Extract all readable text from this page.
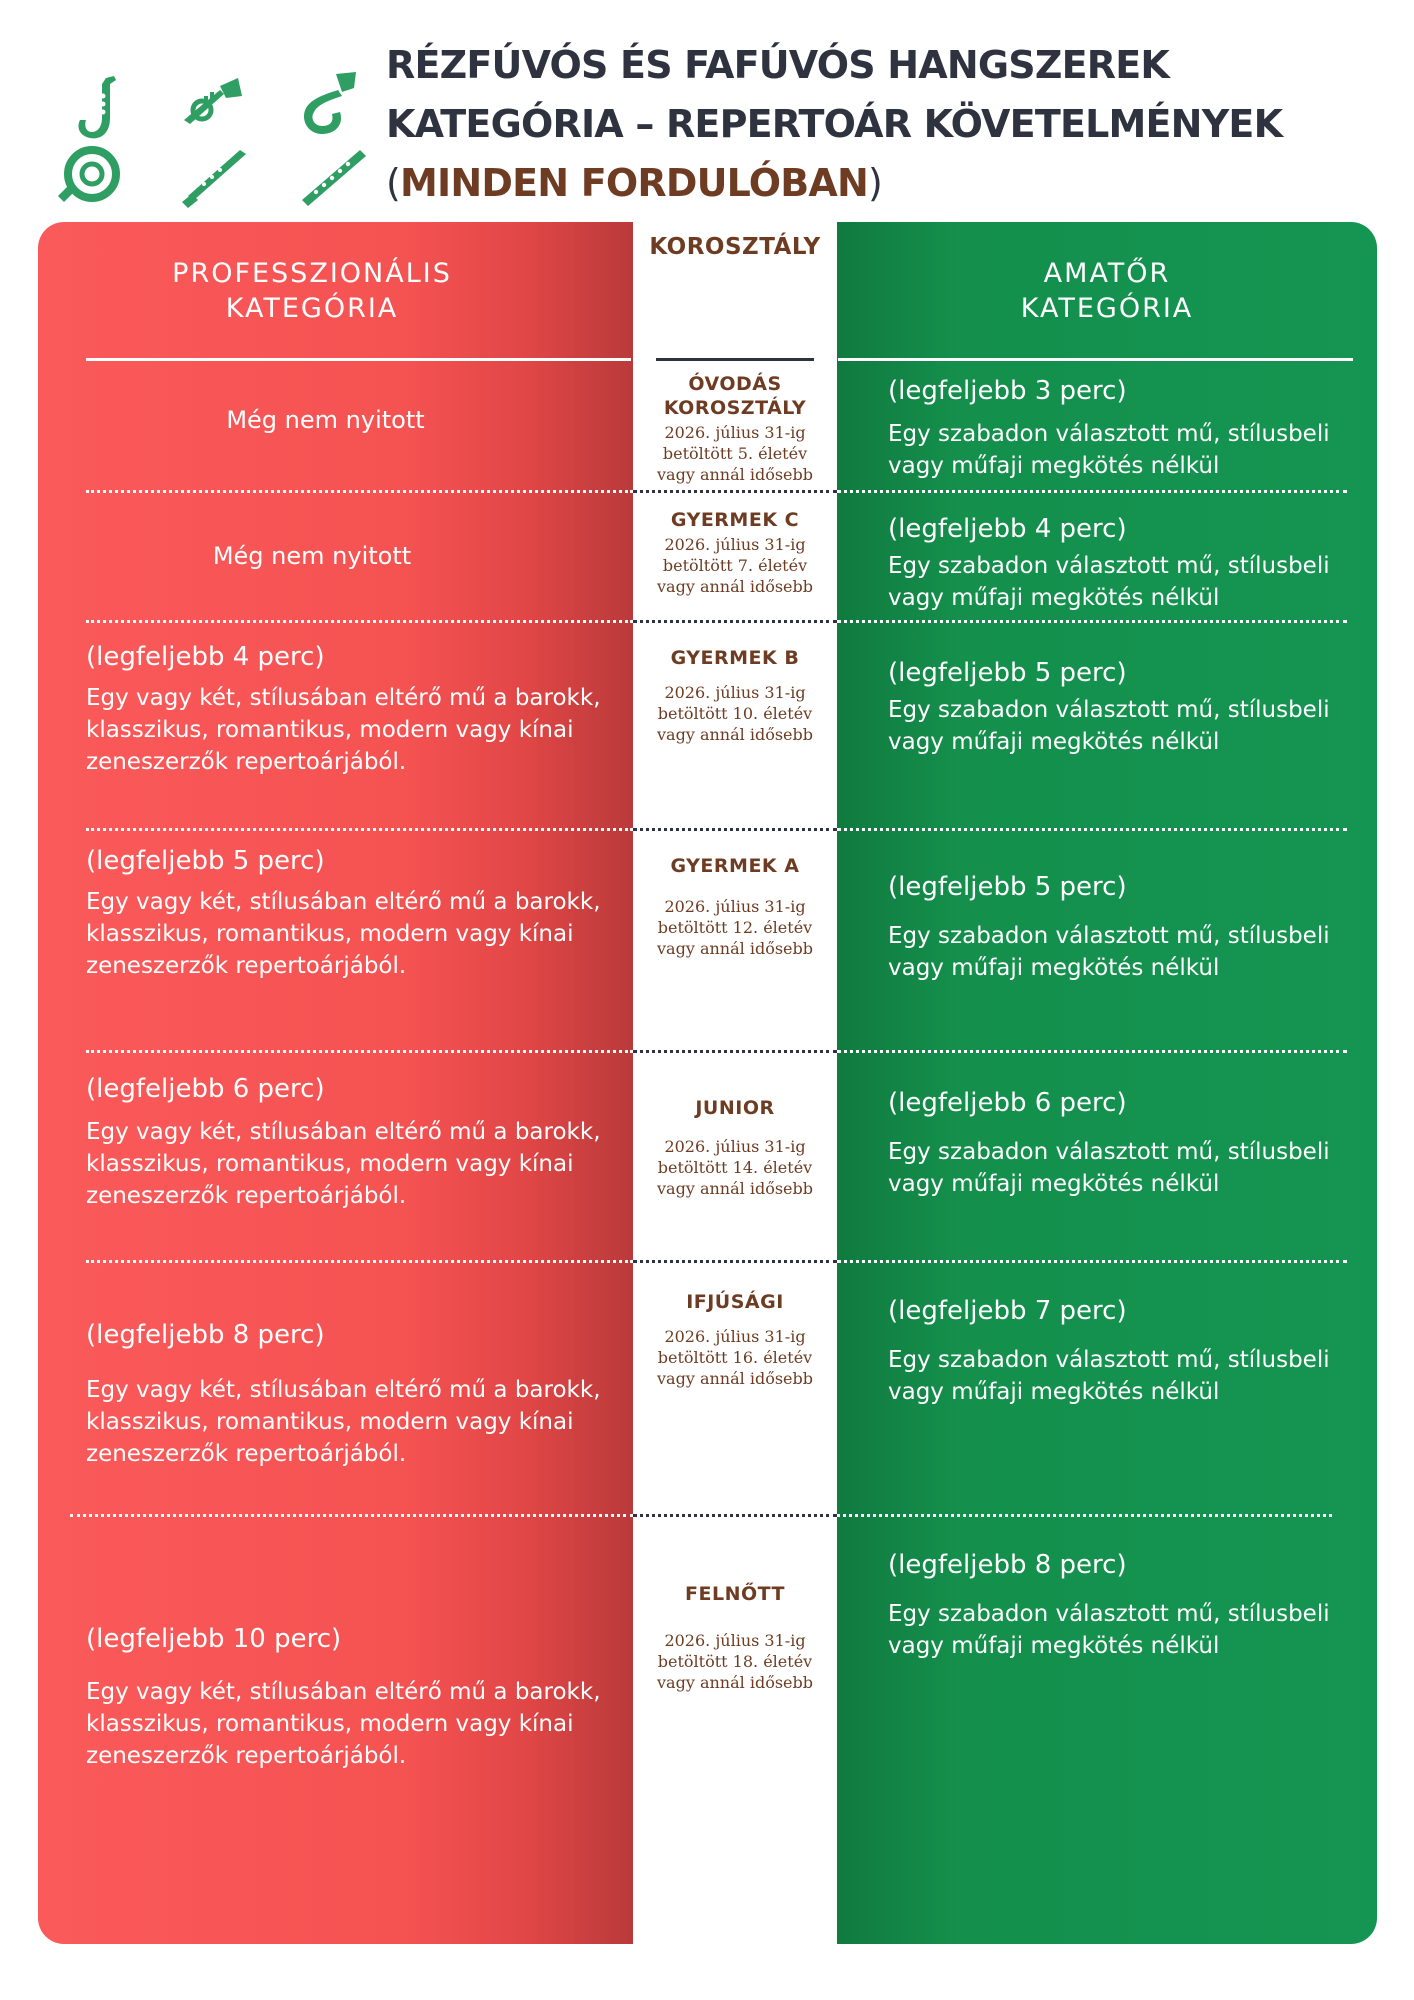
RÉZFÚVÓS ÉS FAFÚVÓS HANGSZEREK
KATEGÓRIA – REPERTOÁR KÖVETELMÉNYEK
(MINDEN FORDULÓBAN)
PROFESSZIONÁLIS
KATEGÓRIA
KOROSZTÁLY
AMATŐR
KATEGÓRIA
Még nem nyitott
ÓVODÁS
KOROSZTÁLY
2026. július 31-ig
betöltött 5. életév
vagy annál idősebb
(legfeljebb 3 perc)
Egy szabadon választott mű, stílusbeli
vagy műfaji megkötés nélkül
Még nem nyitott
GYERMEK C
2026. július 31-ig
betöltött 7. életév
vagy annál idősebb
(legfeljebb 4 perc)
Egy szabadon választott mű, stílusbeli
vagy műfaji megkötés nélkül
(legfeljebb 4 perc)
Egy vagy két, stílusában eltérő mű a barokk,
klasszikus, romantikus, modern vagy kínai
zeneszerzők repertoárjából.
GYERMEK B
2026. július 31-ig
betöltött 10. életév
vagy annál idősebb
(legfeljebb 5 perc)
Egy szabadon választott mű, stílusbeli
vagy műfaji megkötés nélkül
(legfeljebb 5 perc)
Egy vagy két, stílusában eltérő mű a barokk,
klasszikus, romantikus, modern vagy kínai
zeneszerzők repertoárjából.
GYERMEK A
2026. július 31-ig
betöltött 12. életév
vagy annál idősebb
(legfeljebb 5 perc)
Egy szabadon választott mű, stílusbeli
vagy műfaji megkötés nélkül
(legfeljebb 6 perc)
Egy vagy két, stílusában eltérő mű a barokk,
klasszikus, romantikus, modern vagy kínai
zeneszerzők repertoárjából.
JUNIOR
2026. július 31-ig
betöltött 14. életév
vagy annál idősebb
(legfeljebb 6 perc)
Egy szabadon választott mű, stílusbeli
vagy műfaji megkötés nélkül
(legfeljebb 8 perc)
Egy vagy két, stílusában eltérő mű a barokk,
klasszikus, romantikus, modern vagy kínai
zeneszerzők repertoárjából.
IFJÚSÁGI
2026. július 31-ig
betöltött 16. életév
vagy annál idősebb
(legfeljebb 7 perc)
Egy szabadon választott mű, stílusbeli
vagy műfaji megkötés nélkül
(legfeljebb 10 perc)
Egy vagy két, stílusában eltérő mű a barokk,
klasszikus, romantikus, modern vagy kínai
zeneszerzők repertoárjából.
FELNŐTT
2026. július 31-ig
betöltött 18. életév
vagy annál idősebb
(legfeljebb 8 perc)
Egy szabadon választott mű, stílusbeli
vagy műfaji megkötés nélkül
